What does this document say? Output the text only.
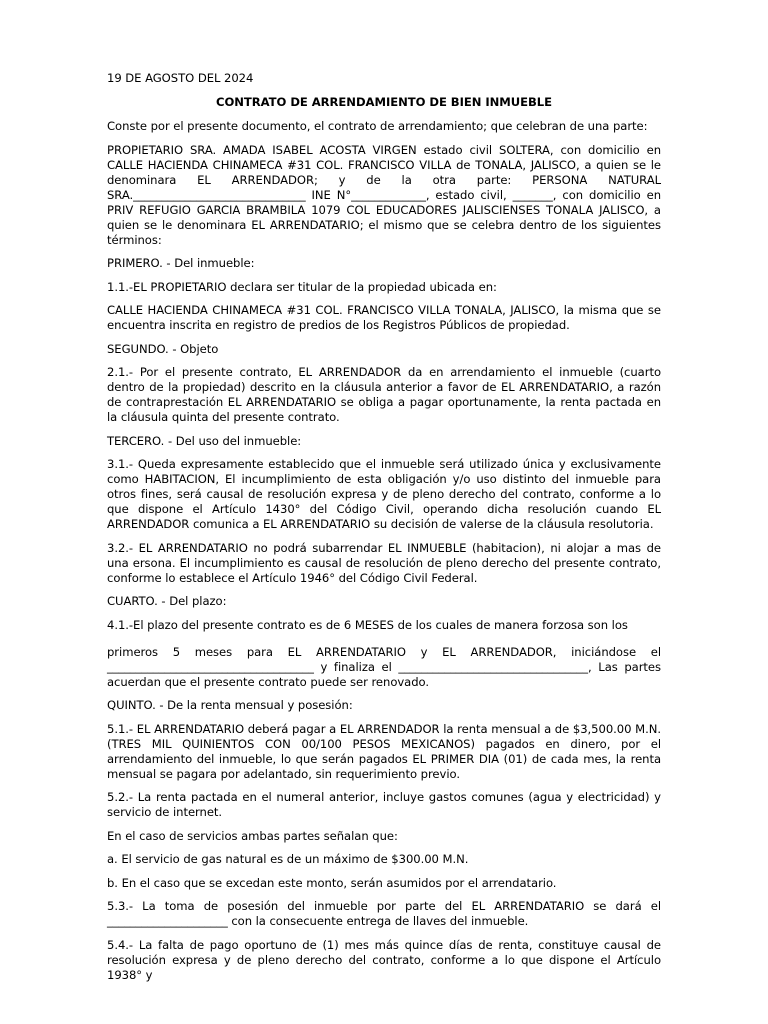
19 DE AGOSTO DEL 2024

CONTRATO DE ARRENDAMIENTO DE BIEN INMUEBLE

Conste por el presente documento, el contrato de arrendamiento; que celebran de una parte:

PROPIETARIO SRA. AMADA ISABEL ACOSTA VIRGEN estado civil SOLTERA, con domicilio en CALLE HACIENDA CHINAMECA #31 COL. FRANCISCO VILLA de TONALA, JALISCO, a quien se le denominara EL ARRENDADOR; y de la otra parte: PERSONA NATURAL SRA.______________________________ INE N°_____________, estado civil, _______, con domicilio en PRIV REFUGIO GARCIA BRAMBILA 1079 COL EDUCADORES JALISCIENSES TONALA JALISCO, a quien se le denominara EL ARRENDATARIO; el mismo que se celebra dentro de los siguientes términos:

PRIMERO. - Del inmueble:

1.1.-EL PROPIETARIO declara ser titular de la propiedad ubicada en:

CALLE HACIENDA CHINAMECA #31 COL. FRANCISCO VILLA TONALA, JALISCO, la misma que se encuentra inscrita en registro de predios de los Registros Públicos de propiedad.

SEGUNDO. - Objeto

2.1.- Por el presente contrato, EL ARRENDADOR da en arrendamiento el inmueble (cuarto dentro de la propiedad) descrito en la cláusula anterior a favor de EL ARRENDATARIO, a razón de contraprestación EL ARRENDATARIO se obliga a pagar oportunamente, la renta pactada en la cláusula quinta del presente contrato.

TERCERO. - Del uso del inmueble:

3.1.- Queda expresamente establecido que el inmueble será utilizado única y exclusivamente como HABITACION, El incumplimiento de esta obligación y/o uso distinto del inmueble para otros fines, será causal de resolución expresa y de pleno derecho del contrato, conforme a lo que dispone el Artículo 1430° del Código Civil, operando dicha resolución cuando EL ARRENDADOR comunica a EL ARRENDATARIO su decisión de valerse de la cláusula resolutoria.

3.2.- EL ARRENDATARIO no podrá subarrendar EL INMUEBLE (habitacion), ni alojar a mas de una ersona. El incumplimiento es causal de resolución de pleno derecho del presente contrato, conforme lo establece el Artículo 1946° del Código Civil Federal.

CUARTO. - Del plazo:

4.1.-El plazo del presente contrato es de 6 MESES de los cuales de manera forzosa son los

primeros 5 meses para EL ARRENDATARIO y EL ARRENDADOR, iniciándose el ____________________________________ y finaliza el _________________________________, Las partes acuerdan que el presente contrato puede ser renovado.

QUINTO. - De la renta mensual y posesión:

5.1.- EL ARRENDATARIO deberá pagar a EL ARRENDADOR la renta mensual a de $3,500.00 M.N. (TRES MIL QUINIENTOS CON 00/100 PESOS MEXICANOS) pagados en dinero, por el arrendamiento del inmueble, lo que serán pagados EL PRIMER DIA (01) de cada mes, la renta mensual se pagara por adelantado, sin requerimiento previo.

5.2.- La renta pactada en el numeral anterior, incluye gastos comunes (agua y electricidad) y servicio de internet.

En el caso de servicios ambas partes señalan que:

a. El servicio de gas natural es de un máximo de $300.00 M.N.

b. En el caso que se excedan este monto, serán asumidos por el arrendatario.

5.3.- La toma de posesión del inmueble por parte del EL ARRENDATARIO se dará el _____________________ con la consecuente entrega de llaves del inmueble.

5.4.- La falta de pago oportuno de (1) mes más quince días de renta, constituye causal de resolución expresa y de pleno derecho del contrato, conforme a lo que dispone el Artículo 1938° y
